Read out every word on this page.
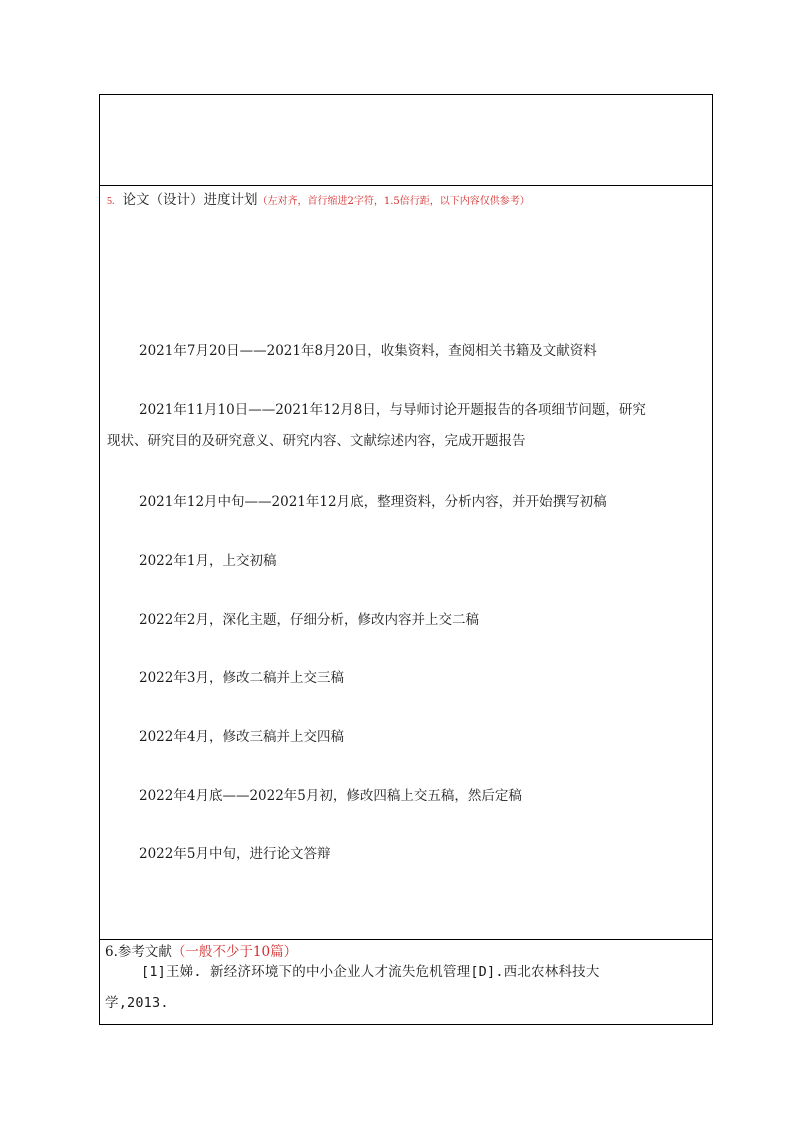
5. 论文（设计）进度计划（左对齐，首行缩进2字符，1.5倍行距，以下内容仅供参考）
2021年7月20日——2021年8月20日，收集资料，查阅相关书籍及文献资料
2021年11月10日——2021年12月8日，与导师讨论开题报告的各项细节问题，研究
现状、研究目的及研究意义、研究内容、文献综述内容，完成开题报告
2021年12月中旬——2021年12月底，整理资料，分析内容，并开始撰写初稿
2022年1月，上交初稿
2022年2月，深化主题，仔细分析，修改内容并上交二稿
2022年3月，修改二稿并上交三稿
2022年4月，修改三稿并上交四稿
2022年4月底——2022年5月初，修改四稿上交五稿，然后定稿
2022年5月中旬，进行论文答辩
6.参考文献（一般不少于10篇）
[1]王娣. 新经济环境下的中小企业人才流失危机管理[D].西北农林科技大
学,2013.
